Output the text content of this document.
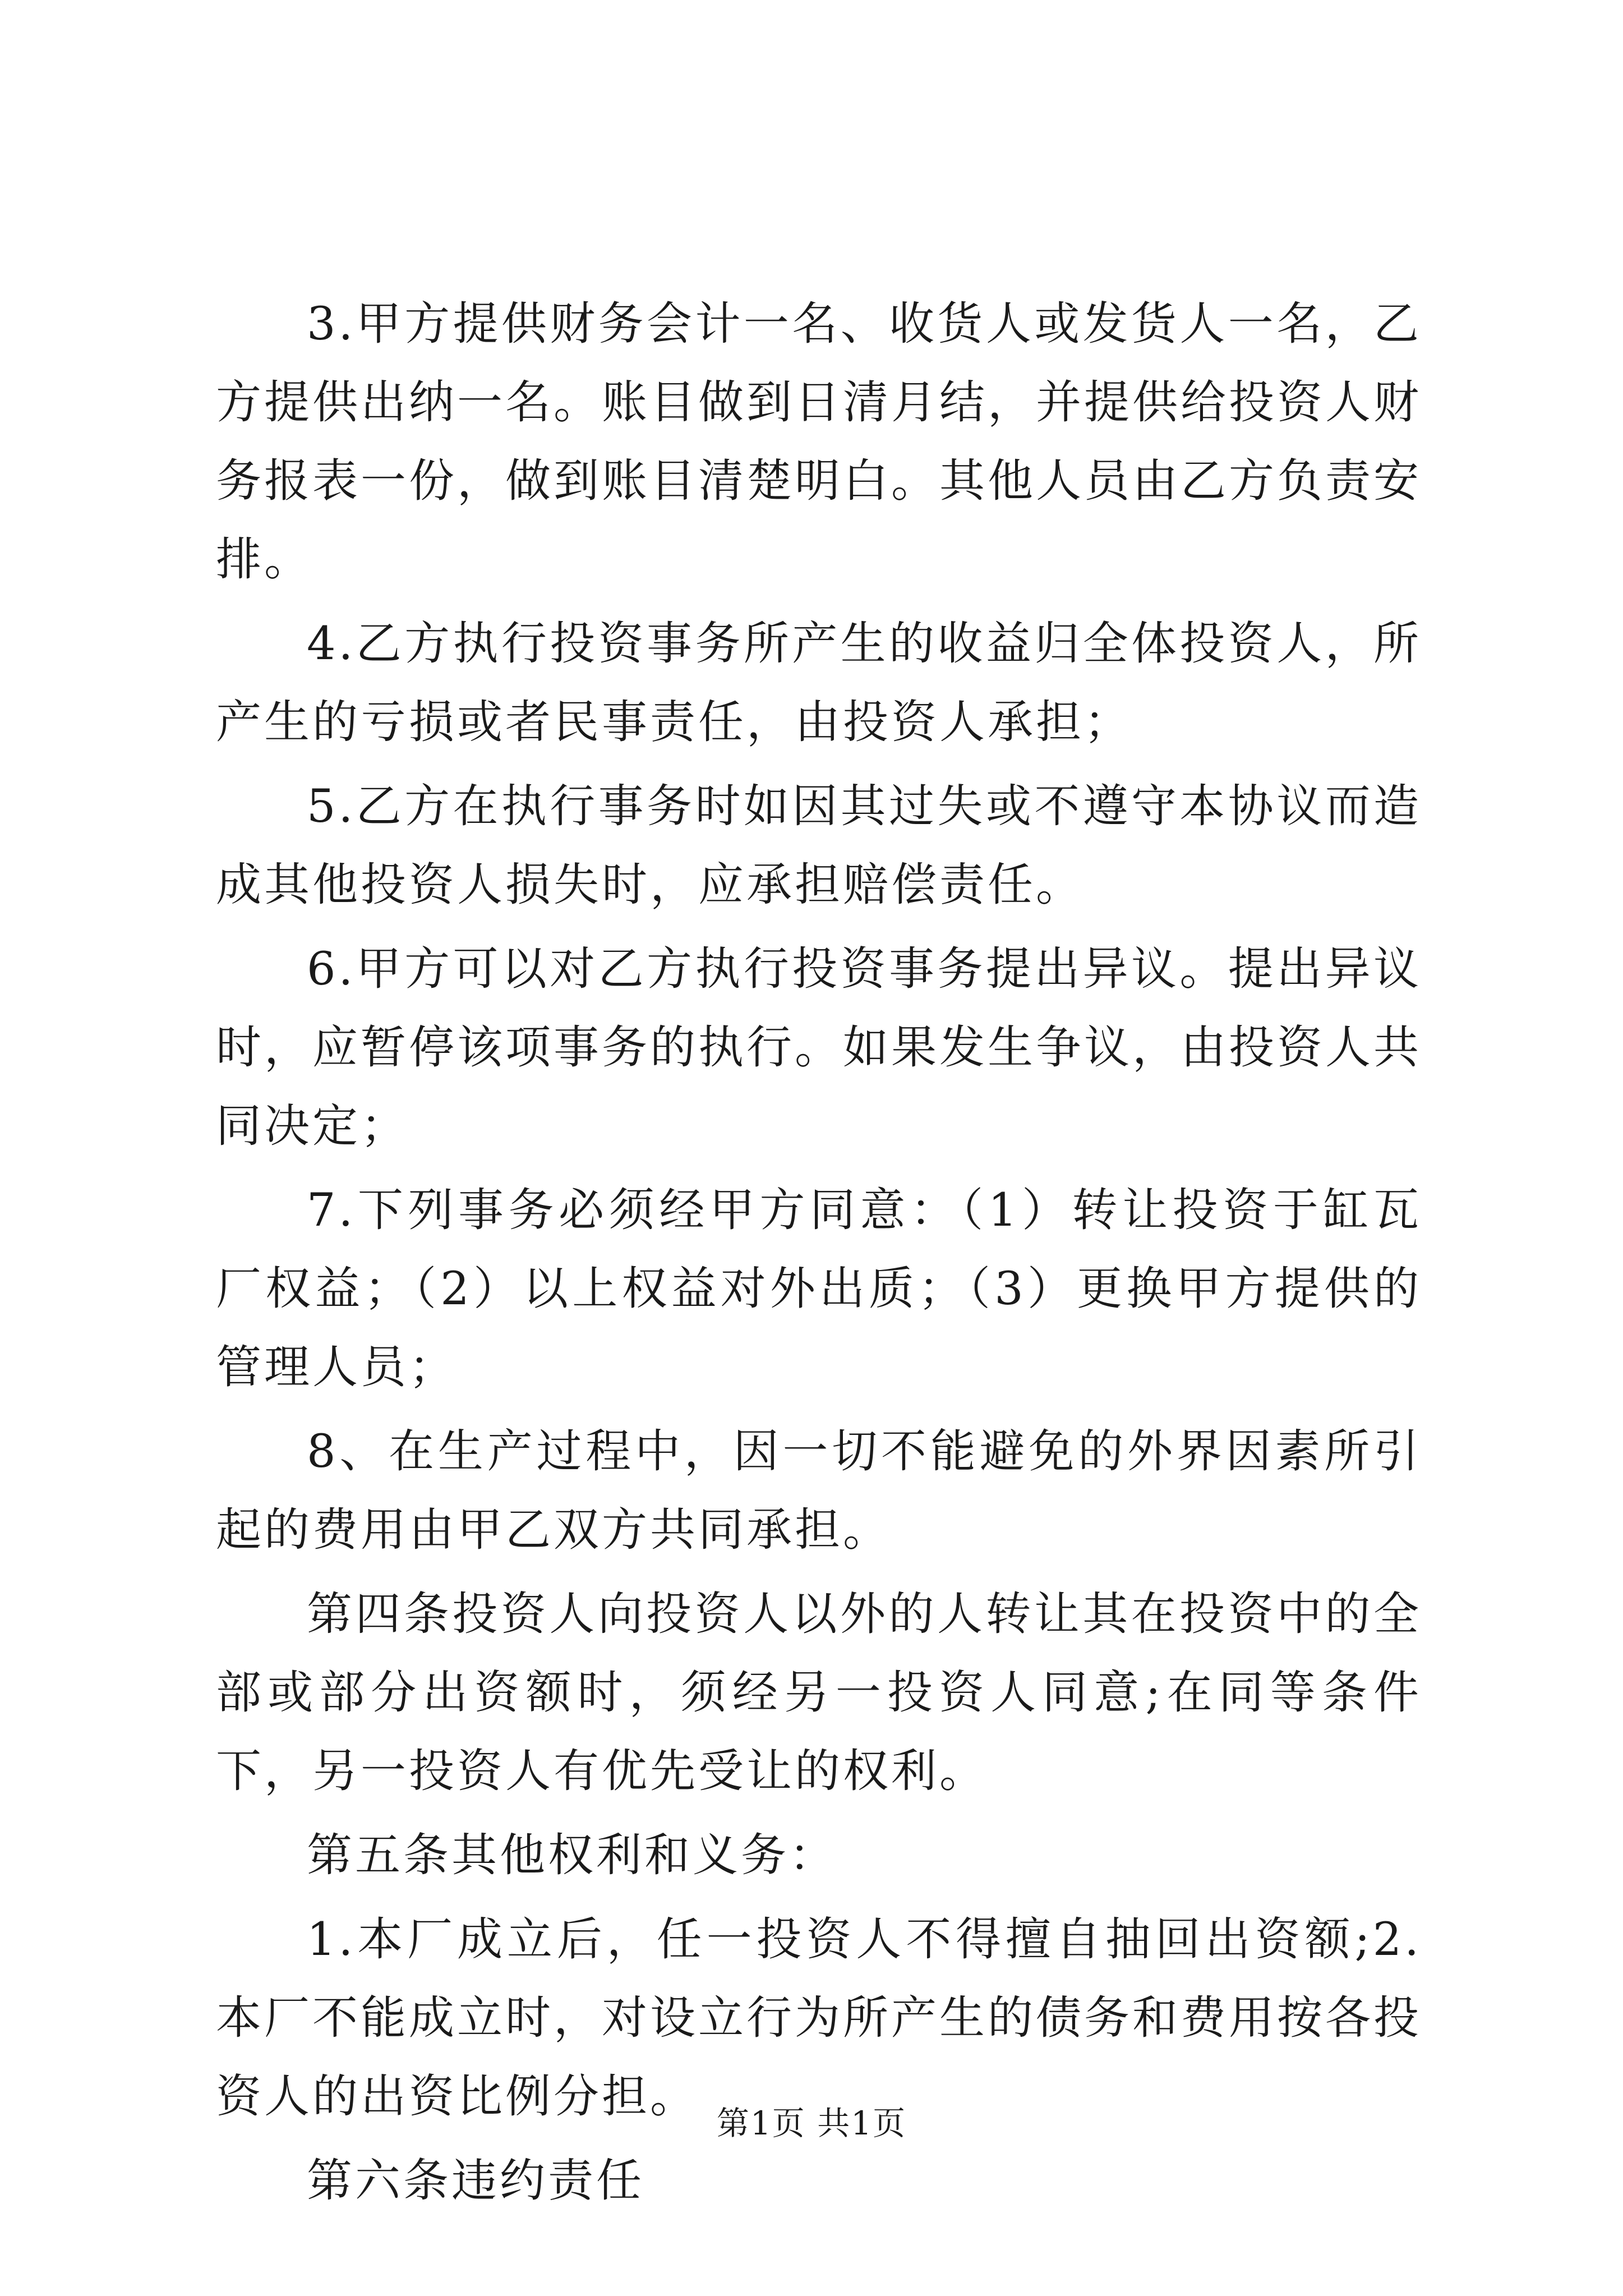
3.甲方提供财务会计一名、收货人或发货人一名，乙方提供出纳一名。账目做到日清月结，并提供给投资人财务报表一份，做到账目清楚明白。其他人员由乙方负责安排。

4.乙方执行投资事务所产生的收益归全体投资人，所产生的亏损或者民事责任，由投资人承担；

5.乙方在执行事务时如因其过失或不遵守本协议而造成其他投资人损失时，应承担赔偿责任。

6.甲方可以对乙方执行投资事务提出异议。提出异议时，应暂停该项事务的执行。如果发生争议，由投资人共同决定；

7.下列事务必须经甲方同意：（1）转让投资于缸瓦厂权益；（2）以上权益对外出质；（3）更换甲方提供的管理人员；

8、在生产过程中，因一切不能避免的外界因素所引起的费用由甲乙双方共同承担。

第四条投资人向投资人以外的人转让其在投资中的全部或部分出资额时，须经另一投资人同意;在同等条件下，另一投资人有优先受让的权利。

第五条其他权利和义务：

1.本厂成立后，任一投资人不得擅自抽回出资额;2.本厂不能成立时，对设立行为所产生的债务和费用按各投资人的出资比例分担。

第六条违约责任

第1页 共1页
